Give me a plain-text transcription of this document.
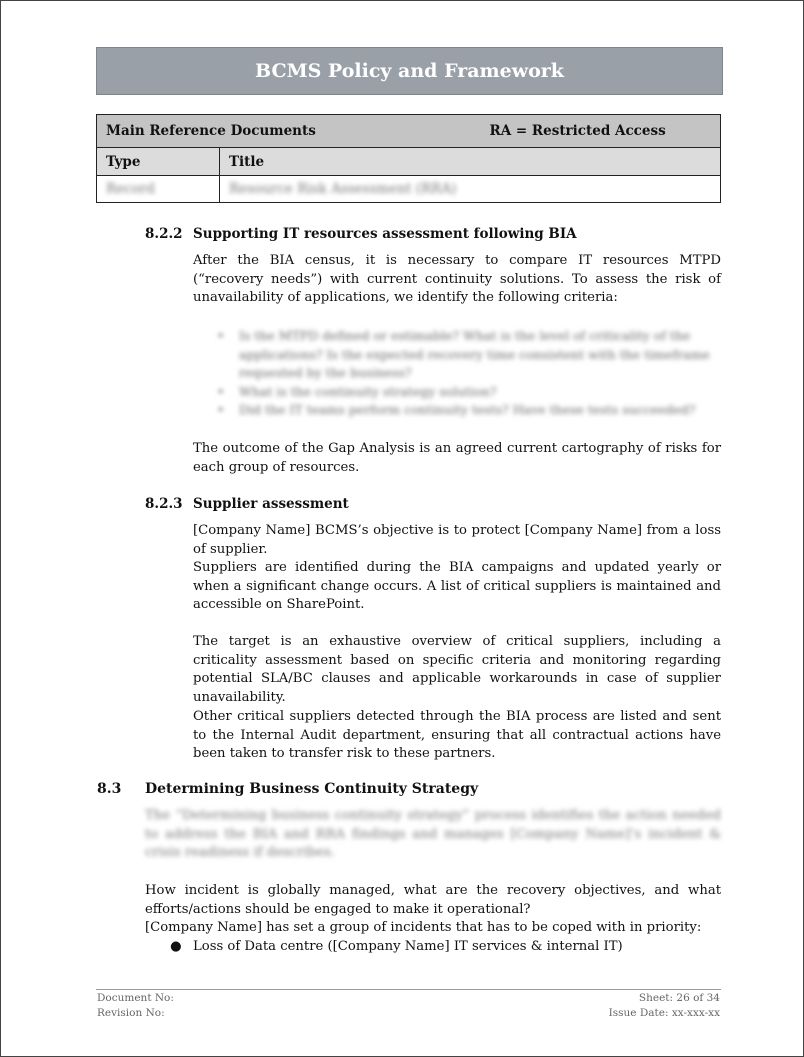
BCMS Policy and Framework
Main Reference Documents RA = Restricted Access	

Type	Title
Record	Resource Risk Assessment (RRA)
8.2.2 Supporting IT resources assessment following BIA

After the BIA census, it is necessary to compare IT resources MTPD (“recovery needs”) with current continuity solutions. To assess the risk of unavailability of applications, we identify the following criteria:

• Is the MTPD defined or estimable? What is the level of criticality of the applications? Is the expected recovery time consistent with the timeframe requested by the business?
• What is the continuity strategy solution?
• Did the IT teams perform continuity tests? Have these tests succeeded?

The outcome of the Gap Analysis is an agreed current cartography of risks for each group of resources.

8.2.3 Supplier assessment

[Company Name] BCMS’s objective is to protect [Company Name] from a loss of supplier.

Suppliers are identified during the BIA campaigns and updated yearly or when a significant change occurs. A list of critical suppliers is maintained and accessible on SharePoint.

The target is an exhaustive overview of critical suppliers, including a criticality assessment based on specific criteria and monitoring regarding potential SLA/BC clauses and applicable workarounds in case of supplier unavailability.

Other critical suppliers detected through the BIA process are listed and sent to the Internal Audit department, ensuring that all contractual actions have been taken to transfer risk to these partners.

8.3 Determining Business Continuity Strategy

The “Determining business continuity strategy” process identifies the action needed to address the BIA and RRA findings and manages [Company Name]’s incident & crisis readiness if describes.

How incident is globally managed, what are the recovery objectives, and what efforts/actions should be engaged to make it operational?

[Company Name] has set a group of incidents that has to be coped with in priority:

● Loss of Data centre ([Company Name] IT services & internal IT)
Document No:
Revision No:
Sheet: 26 of 34
Issue Date: xx-xxx-xx
